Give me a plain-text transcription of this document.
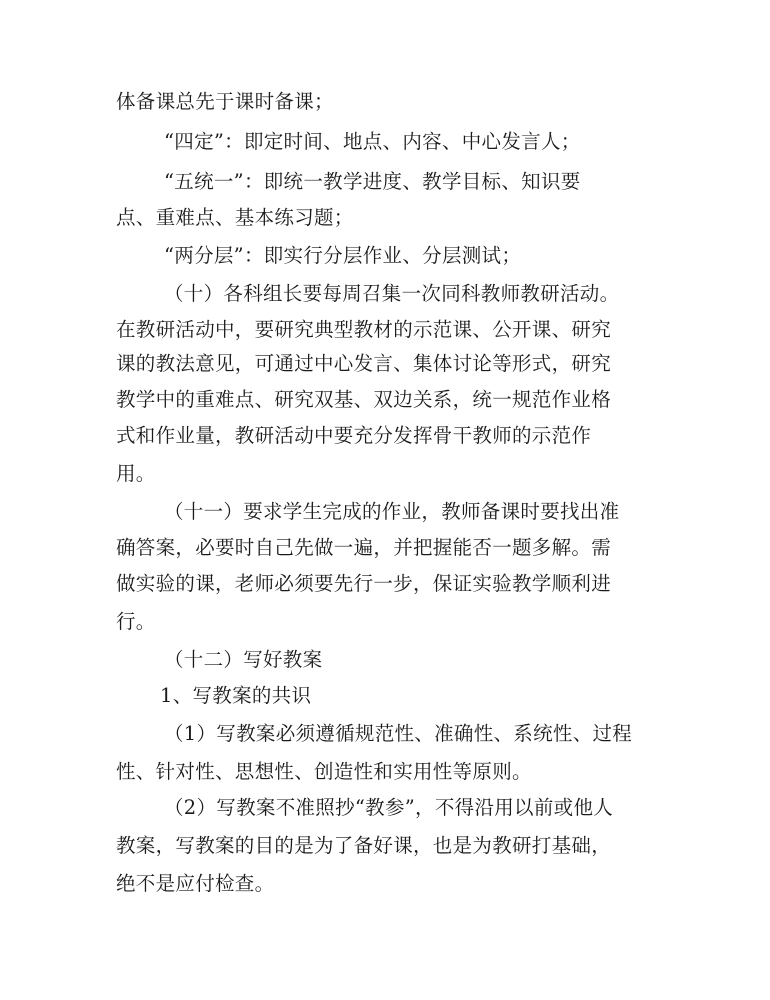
体备课总先于课时备课；
“四定”：即定时间、地点、内容、中心发言人；
“五统一”：即统一教学进度、教学目标、知识要
点、重难点、基本练习题；
“两分层”：即实行分层作业、分层测试；
（十）各科组长要每周召集一次同科教师教研活动。
在教研活动中，要研究典型教材的示范课、公开课、研究
课的教法意见，可通过中心发言、集体讨论等形式，研究
教学中的重难点、研究双基、双边关系，统一规范作业格
式和作业量，教研活动中要充分发挥骨干教师的示范作
用。
（十一）要求学生完成的作业，教师备课时要找出准
确答案，必要时自己先做一遍，并把握能否一题多解。需
做实验的课，老师必须要先行一步，保证实验教学顺利进
行。
（十二）写好教案
1、写教案的共识
（1）写教案必须遵循规范性、准确性、系统性、过程
性、针对性、思想性、创造性和实用性等原则。
（2）写教案不准照抄“教参”，不得沿用以前或他人
教案，写教案的目的是为了备好课，也是为教研打基础，
绝不是应付检查。
